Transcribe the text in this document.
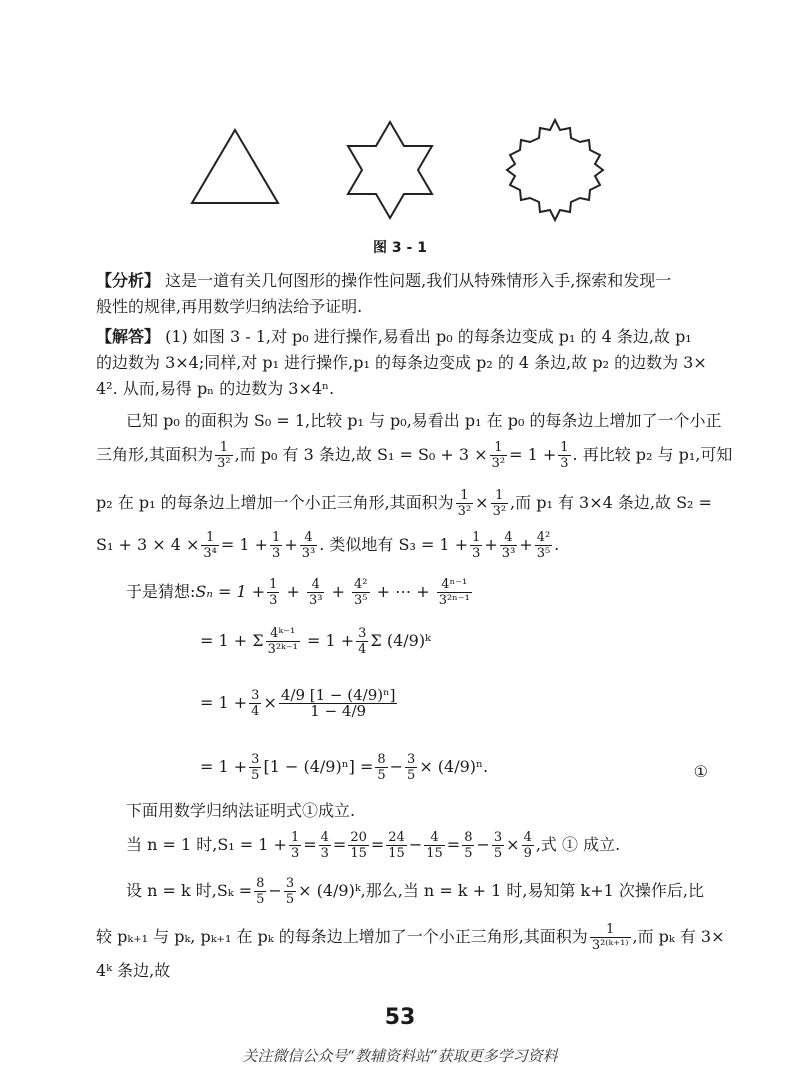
图 3 - 1
【分析】 这是一道有关几何图形的操作性问题,我们从特殊情形入手,探索和发现一
般性的规律,再用数学归纳法给予证明.
【解答】 (1) 如图 3 - 1,对 p₀ 进行操作,易看出 p₀ 的每条边变成 p₁ 的 4 条边,故 p₁
的边数为 3×4;同样,对 p₁ 进行操作,p₁ 的每条边变成 p₂ 的 4 条边,故 p₂ 的边数为 3×
4². 从而,易得 pₙ 的边数为 3×4ⁿ.
已知 p₀ 的面积为 S₀ = 1,比较 p₁ 与 p₀,易看出 p₁ 在 p₀ 的每条边上增加了一个小正
三角形,其面积为 $\frac{1}{\text{3²}}$ ,而 p₀ 有 3 条边,故 $S_1 = S_0 + 3 \times \frac{1}{\text{3²}} = 1 + \frac{1}{3}$ . 再比较 p₂ 与 p₁,可知
p₂ 在 p₁ 的每条边上增加一个小正三角形,其面积为 $\frac{1}{\text{3²}} \times \frac{1}{\text{3²}}$ ,而 p₁ 有 3×4 条边,故 S₂ =
$S_1 + 3 \times 4 \times \frac{1}{\text{3⁴}} = 1 + \frac{1}{3} + \frac{4}{\text{3³}}$ . 类似地有 $S_3 = 1 + \frac{1}{3} + \frac{4}{\text{3³}} + \frac{\text{4²}}{\text{3⁵}}$ .
于是猜想:Sₙ = $1 + \frac{1}{3} + \frac{4}{\text{3³}} + \frac{\text{4²}}{\text{3⁵}}$ + ⋯ + $\frac{\text{4ⁿ⁻¹}}{\text{3²ⁿ⁻¹}}$
= 1 + Σ $\frac{\text{4ᵏ⁻¹}}{\text{3²ᵏ⁻¹}} = 1 + \frac{3}{4}$ Σ (4/9)ᵏ
= $1 + \frac{3}{4} \times \frac{\text{4/9 [1 − (4/9)ⁿ]}}{1 - 4/9}$
= $1 + \frac{3}{5} [1 - (4/9)^n] = \frac{8}{5} - \frac{3}{5} \times (4/9)^n$.	①
下面用数学归纳法证明式①成立.
当 n = 1 时$,S_1 = 1 + \frac{1}{3} = \frac{4}{3} = \frac{20}{15} = \frac{24}{15} - \frac{4}{15} = \frac{8}{5} - \frac{3}{5} \times \frac{4}{9}$ ,式 ① 成立.
设 n = k 时$,S_k = \frac{8}{5} - \frac{3}{5}$ × (4/9)ᵏ,那么,当 n = k + 1 时,易知第 k+1 次操作后,比
较 pₖ₊₁ 与 pₖ, pₖ₊₁ 在 pₖ 的每条边上增加了一个小正三角形,其面积为 $\frac{1}{\text{3²⁽ᵏ⁺¹⁾}}$ ,而 pₖ 有 3×
4ᵏ 条边,故
53
关注微信公众号“教辅资料站”获取更多学习资料
